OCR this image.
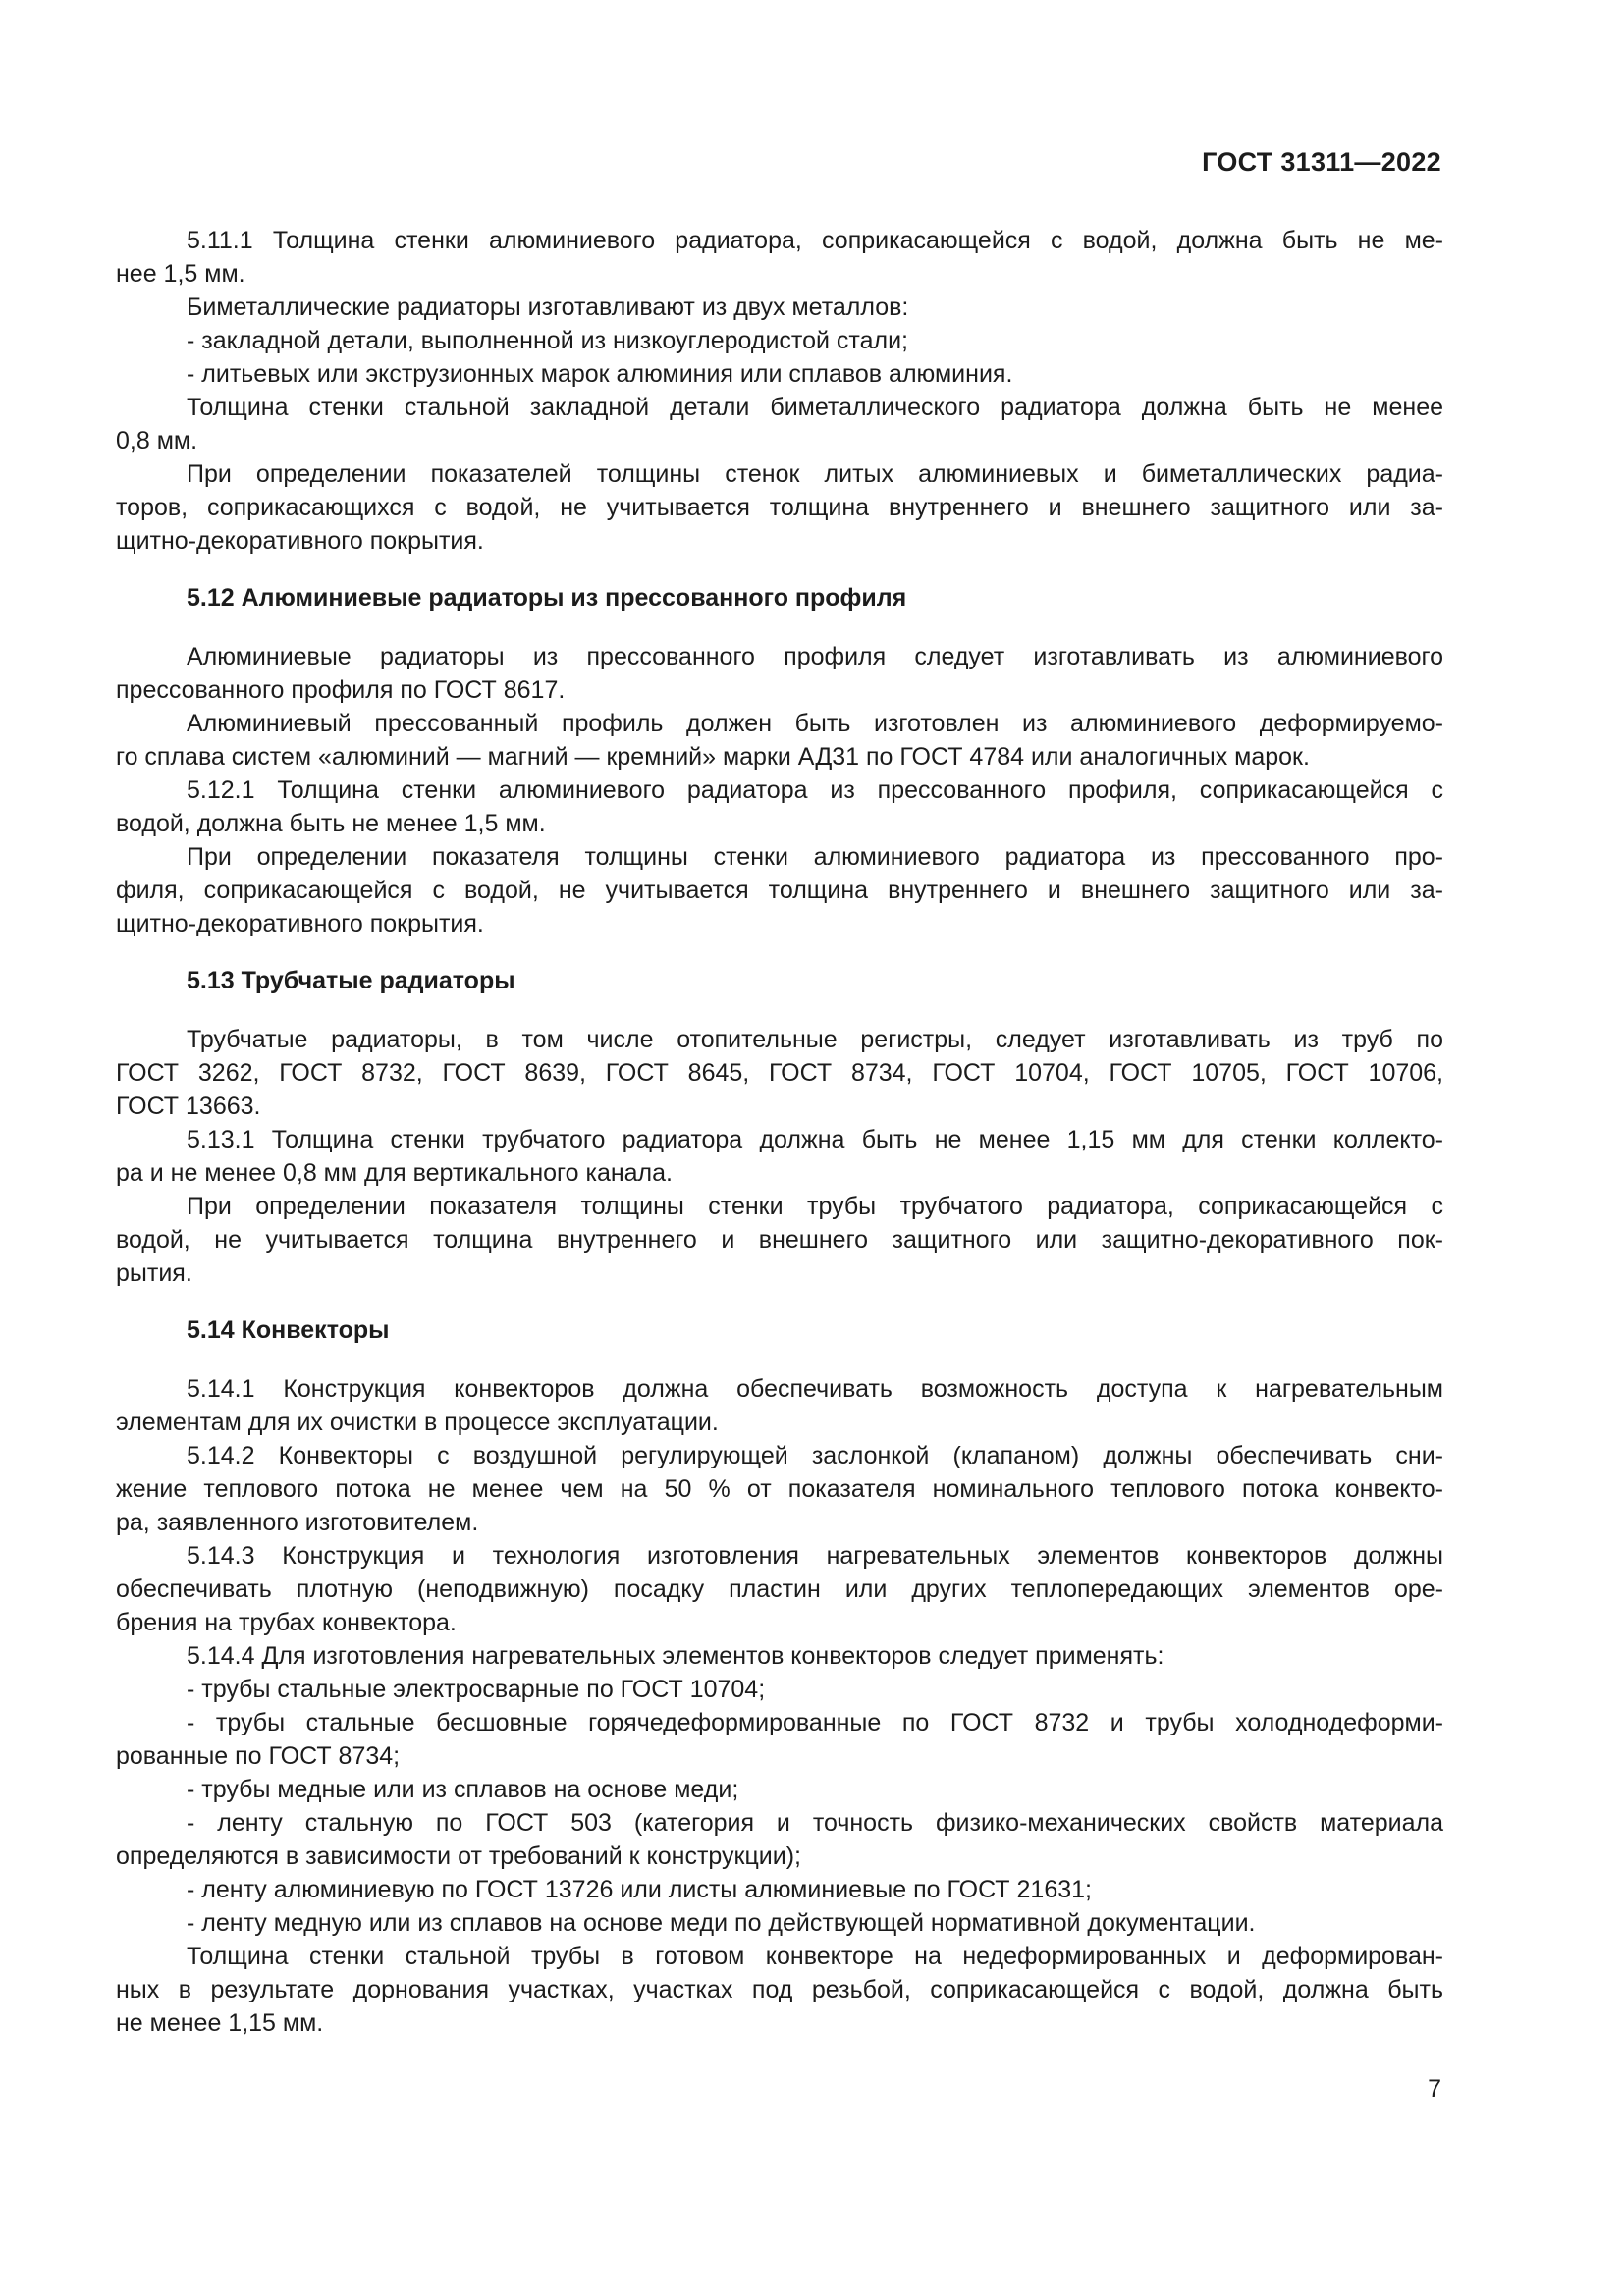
ГОСТ 31311—2022
5.11.1 Толщина стенки алюминиевого радиатора, соприкасающейся с водой, должна быть не ме-
нее 1,5 мм.
Биметаллические радиаторы изготавливают из двух металлов:
- закладной детали, выполненной из низкоуглеродистой стали;
- литьевых или экструзионных марок алюминия или сплавов алюминия.
Толщина стенки стальной закладной детали биметаллического радиатора должна быть не менее
0,8 мм.
При определении показателей толщины стенок литых алюминиевых и биметаллических радиа-
торов, соприкасающихся с водой, не учитывается толщина внутреннего и внешнего защитного или за-
щитно-декоративного покрытия.
5.12 Алюминиевые радиаторы из прессованного профиля
Алюминиевые радиаторы из прессованного профиля следует изготавливать из алюминиевого
прессованного профиля по ГОСТ 8617.
Алюминиевый прессованный профиль должен быть изготовлен из алюминиевого деформируемо-
го сплава систем «алюминий — магний — кремний» марки АД31 по ГОСТ 4784 или аналогичных марок.
5.12.1 Толщина стенки алюминиевого радиатора из прессованного профиля, соприкасающейся с
водой, должна быть не менее 1,5 мм.
При определении показателя толщины стенки алюминиевого радиатора из прессованного про-
филя, соприкасающейся с водой, не учитывается толщина внутреннего и внешнего защитного или за-
щитно-декоративного покрытия.
5.13 Трубчатые радиаторы
Трубчатые радиаторы, в том числе отопительные регистры, следует изготавливать из труб по
ГОСТ 3262, ГОСТ 8732, ГОСТ 8639, ГОСТ 8645, ГОСТ 8734, ГОСТ 10704, ГОСТ 10705, ГОСТ 10706,
ГОСТ 13663.
5.13.1 Толщина стенки трубчатого радиатора должна быть не менее 1,15 мм для стенки коллекто-
ра и не менее 0,8 мм для вертикального канала.
При определении показателя толщины стенки трубы трубчатого радиатора, соприкасающейся с
водой, не учитывается толщина внутреннего и внешнего защитного или защитно-декоративного пок-
рытия.
5.14 Конвекторы
5.14.1 Конструкция конвекторов должна обеспечивать возможность доступа к нагревательным
элементам для их очистки в процессе эксплуатации.
5.14.2 Конвекторы с воздушной регулирующей заслонкой (клапаном) должны обеспечивать сни-
жение теплового потока не менее чем на 50 % от показателя номинального теплового потока конвекто-
ра, заявленного изготовителем.
5.14.3 Конструкция и технология изготовления нагревательных элементов конвекторов должны
обеспечивать плотную (неподвижную) посадку пластин или других теплопередающих элементов оре-
брения на трубах конвектора.
5.14.4 Для изготовления нагревательных элементов конвекторов следует применять:
- трубы стальные электросварные по ГОСТ 10704;
- трубы стальные бесшовные горячедеформированные по ГОСТ 8732 и трубы холоднодеформи-
рованные по ГОСТ 8734;
- трубы медные или из сплавов на основе меди;
- ленту стальную по ГОСТ 503 (категория и точность физико-механических свойств материала
определяются в зависимости от требований к конструкции);
- ленту алюминиевую по ГОСТ 13726 или листы алюминиевые по ГОСТ 21631;
- ленту медную или из сплавов на основе меди по действующей нормативной документации.
Толщина стенки стальной трубы в готовом конвекторе на недеформированных и деформирован-
ных в результате дорнования участках, участках под резьбой, соприкасающейся с водой, должна быть
не менее 1,15 мм.
7
